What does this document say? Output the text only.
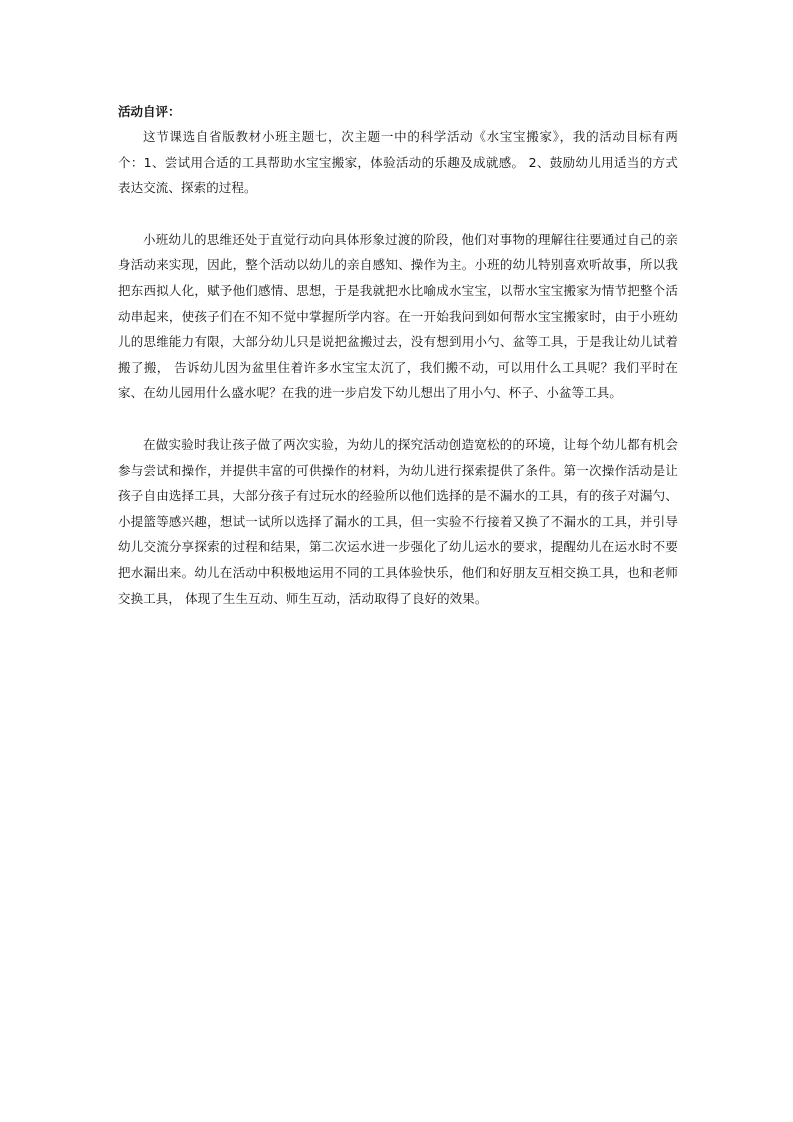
活动自评：

这节课选自省版教材小班主题七，次主题一中的科学活动《水宝宝搬家》，我的活动目标有两个：1、尝试用合适的工具帮助水宝宝搬家，体验活动的乐趣及成就感。 2、鼓励幼儿用适当的方式表达交流、探索的过程。

小班幼儿的思维还处于直觉行动向具体形象过渡的阶段，他们对事物的理解往往要通过自己的亲身活动来实现，因此，整个活动以幼儿的亲自感知、操作为主。小班的幼儿特别喜欢听故事，所以我把东西拟人化，赋予他们感情、思想，于是我就把水比喻成水宝宝，以帮水宝宝搬家为情节把整个活动串起来，使孩子们在不知不觉中掌握所学内容。在一开始我问到如何帮水宝宝搬家时，由于小班幼儿的思维能力有限，大部分幼儿只是说把盆搬过去，没有想到用小勺、盆等工具，于是我让幼儿试着搬了搬， 告诉幼儿因为盆里住着许多水宝宝太沉了，我们搬不动，可以用什么工具呢？我们平时在家、在幼儿园用什么盛水呢？在我的进一步启发下幼儿想出了用小勺、杯子、小盆等工具。

在做实验时我让孩子做了两次实验，为幼儿的探究活动创造宽松的的环境，让每个幼儿都有机会参与尝试和操作，并提供丰富的可供操作的材料，为幼儿进行探索提供了条件。第一次操作活动是让孩子自由选择工具，大部分孩子有过玩水的经验所以他们选择的是不漏水的工具，有的孩子对漏勺、小提篮等感兴趣，想试一试所以选择了漏水的工具，但一实验不行接着又换了不漏水的工具，并引导幼儿交流分享探索的过程和结果，第二次运水进一步强化了幼儿运水的要求，提醒幼儿在运水时不要把水漏出来。幼儿在活动中积极地运用不同的工具体验快乐，他们和好朋友互相交换工具，也和老师交换工具， 体现了生生互动、师生互动，活动取得了良好的效果。
